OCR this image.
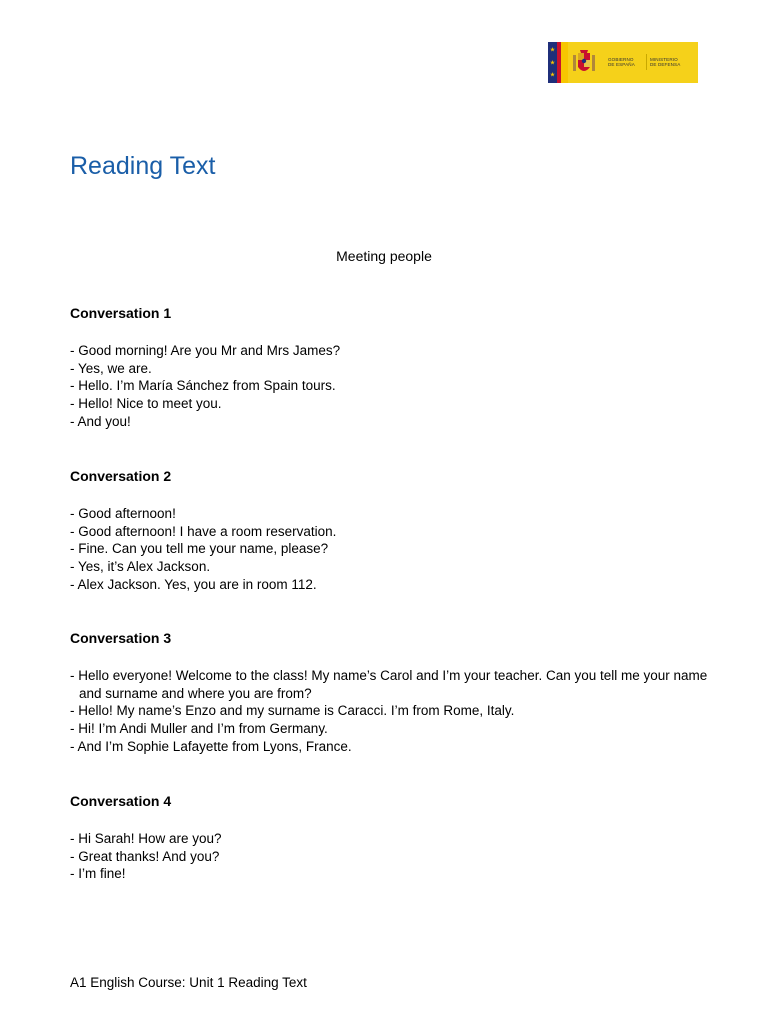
GOBIERNO
DE ESPAÑA
MINISTERIO
DE DEFENSA
Reading Text
Meeting people
Conversation 1
- Good morning! Are you Mr and Mrs James?
- Yes, we are.
- Hello. I’m María Sánchez from Spain tours.
- Hello! Nice to meet you.
- And you!
Conversation 2
- Good afternoon!
- Good afternoon! I have a room reservation.
- Fine. Can you tell me your name, please?
- Yes, it’s Alex Jackson.
- Alex Jackson. Yes, you are in room 112.
Conversation 3
- Hello everyone! Welcome to the class! My name’s Carol and I’m your teacher. Can you tell me your name and surname and where you are from?
- Hello! My name’s Enzo and my surname is Caracci. I’m from Rome, Italy.
- Hi! I’m Andi Muller and I’m from Germany.
- And I’m Sophie Lafayette from Lyons, France.
Conversation 4
- Hi Sarah! How are you?
- Great thanks! And you?
- I’m fine!
A1 English Course: Unit 1 Reading Text
